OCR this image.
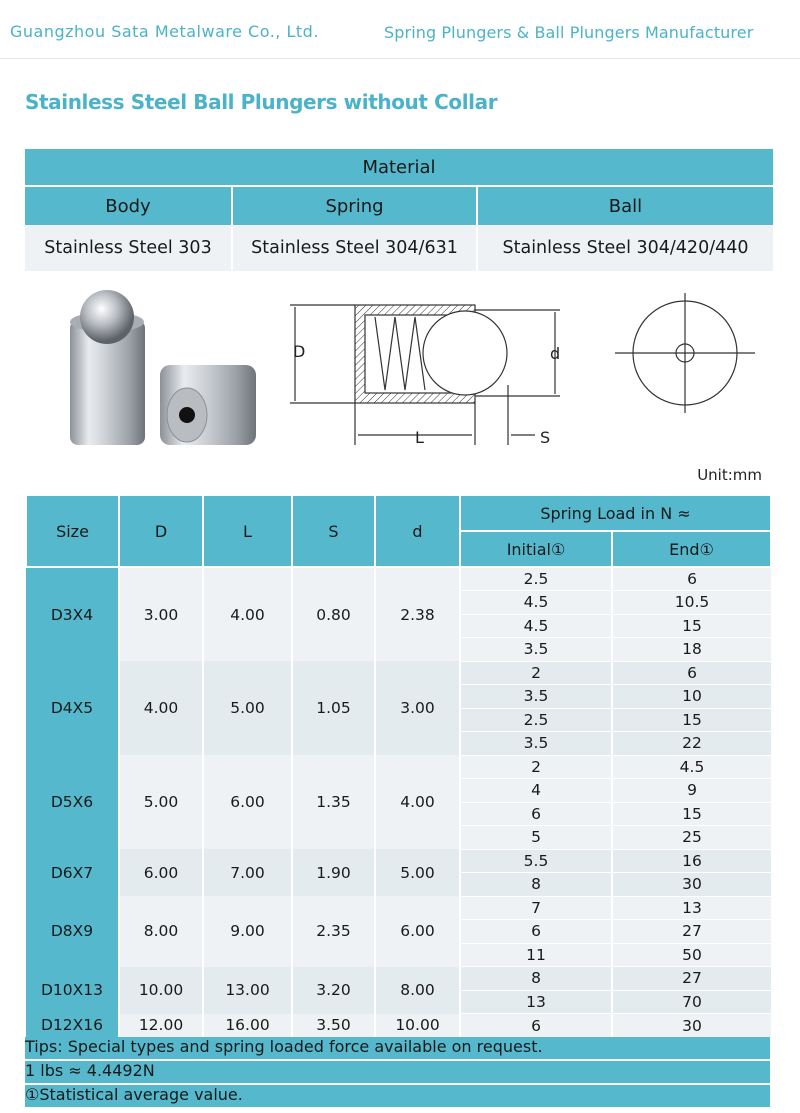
Guangzhou Sata Metalware Co., Ltd.	Spring Plungers & Ball Plungers Manufacturer
Stainless Steel Ball Plungers without Collar
Material		
Body	Spring	Ball
Stainless Steel 303	Stainless Steel 304/631	Stainless Steel 304/420/440
D	d
L	S
Unit:mm
Size	D	L	S	d	Spring Load in N ≈	
					Initial①	End①
D3X4	3.00	4.00	0.80	2.38	2.5	6
					4.5	10.5
					4.5	15
					3.5	18
D4X5	4.00	5.00	1.05	3.00	2	6
					3.5	10
					2.5	15
					3.5	22
D5X6	5.00	6.00	1.35	4.00	2	4.5
					4	9
					6	15
					5	25
D6X7	6.00	7.00	1.90	5.00	5.5	16
					8	30
D8X9	8.00	9.00	2.35	6.00	7	13
					6	27
					11	50
D10X13	10.00	13.00	3.20	8.00	8	27
					13	70
D12X16	12.00	16.00	3.50	10.00	6	30
Tips: Special types and spring loaded force available on request.
1 lbs ≈ 4.4492N
①Statistical average value.
